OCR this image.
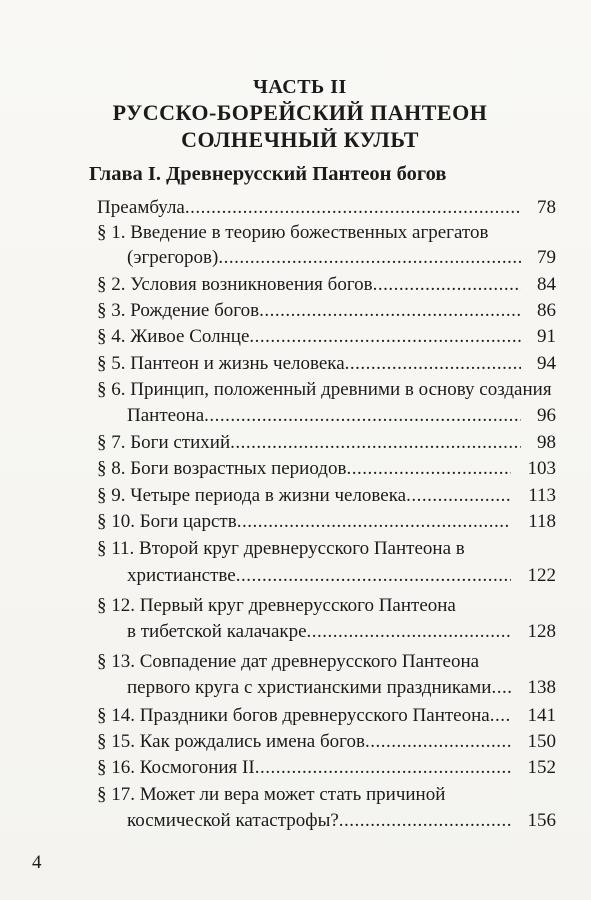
ЧАСТЬ II
РУССКО-БОРЕЙСКИЙ ПАНТЕОН
СОЛНЕЧНЫЙ КУЛЬТ
Глава I. Древнерусский Пантеон богов
Преамбула .....	78
§ 1. Введение в теорию божественных агрегатов
(эгрегоров) .....	79
§ 2. Условия возникновения богов .....	84
§ 3. Рождение богов .....	86
§ 4. Живое Солнце .....	91
§ 5. Пантеон и жизнь человека .....	94
§ 6. Принцип, положенный древними в основу создания
Пантеона .....	96
§ 7. Боги стихий .....	98
§ 8. Боги возрастных периодов .....	103
§ 9. Четыре периода в жизни человека .....	113
§ 10. Боги царств .....	118
§ 11. Второй круг древнерусского Пантеона в
христианстве .....	122
§ 12. Первый круг древнерусского Пантеона
в тибетской калачакре .....	128
§ 13. Совпадение дат древнерусского Пантеона
первого круга с христианскими праздниками ..... 138
§ 14. Праздники богов древнерусского Пантеона ..... 141
§ 15. Как рождались имена богов .....	150
§ 16. Космогония II .....	152
§ 17. Может ли вера может стать причиной
космической катастрофы? .....	156
4
